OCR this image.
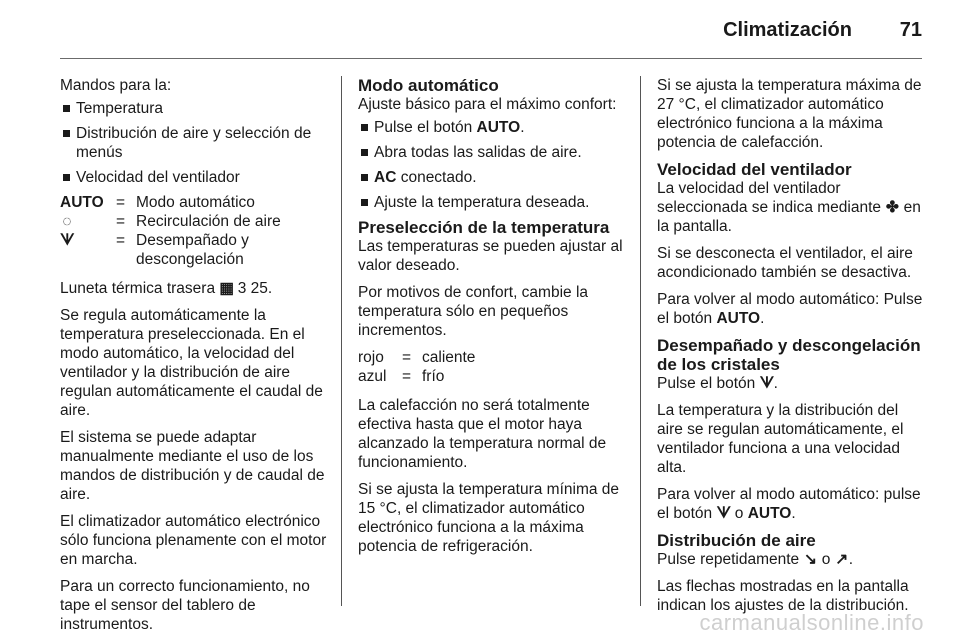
Climatización 71

Mandos para la:

Temperatura
Distribución de aire y selección de menús
Velocidad del ventilador
AUTO	=	Modo automático
◌	=	Recirculación de aire
ᗐ	=	Desempañado y descongelación

Luneta térmica trasera ▦ 3 25.

Se regula automáticamente la temperatura preseleccionada. En el modo automático, la velocidad del ventilador y la distribución de aire regulan automáticamente el caudal de aire.

El sistema se puede adaptar manualmente mediante el uso de los mandos de distribución y de caudal de aire.

El climatizador automático electrónico sólo funciona plenamente con el motor en marcha.

Para un correcto funcionamiento, no tape el sensor del tablero de instrumentos.

Modo automático

Ajuste básico para el máximo confort:

Pulse el botón AUTO.
Abra todas las salidas de aire.
AC conectado.
Ajuste la temperatura deseada.
Preselección de la temperatura

Las temperaturas se pueden ajustar al valor deseado.

Por motivos de confort, cambie la temperatura sólo en pequeños incrementos.

rojo	=	caliente
azul	=	frío

La calefacción no será totalmente efectiva hasta que el motor haya alcanzado la temperatura normal de funcionamiento.

Si se ajusta la temperatura mínima de 15 °C, el climatizador automático electrónico funciona a la máxima potencia de refrigeración.

Si se ajusta la temperatura máxima de 27 °C, el climatizador automático electrónico funciona a la máxima potencia de calefacción.

Velocidad del ventilador

La velocidad del ventilador seleccionada se indica mediante ✤ en la pantalla.

Si se desconecta el ventilador, el aire acondicionado también se desactiva.

Para volver al modo automático: Pulse el botón AUTO.

Desempañado y descongelación de los cristales

Pulse el botón ᗐ.

La temperatura y la distribución del aire se regulan automáticamente, el ventilador funciona a una velocidad alta.

Para volver al modo automático: pulse el botón ᗐ o AUTO.

Distribución de aire

Pulse repetidamente ↘ o ↗.

Las flechas mostradas en la pantalla indican los ajustes de la distribución.

carmanualsonline.info
